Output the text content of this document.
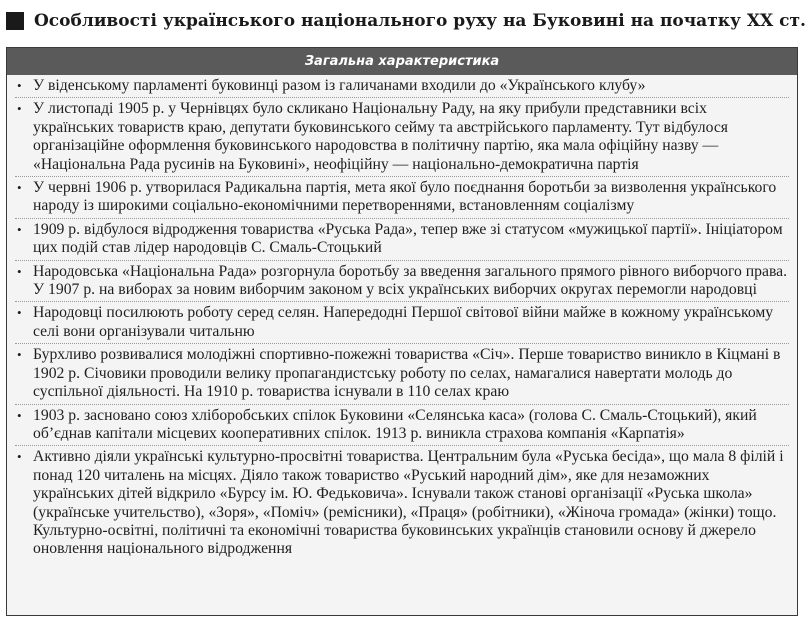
Особливості українського національного руху на Буковині на початку XX ст.
Загальна характеристика
• У віденському парламенті буковинці разом із галичанами входили до «Українського клубу»
• У листопаді 1905 р. у Чернівцях було скликано Національну Раду, на яку прибули представники всіх українських товариств краю, депутати буковинського сейму та австрійського парламенту. Тут відбулося організаційне оформлення буковинського народовства в політичну партію, яка мала офіційну назву — «Національна Рада русинів на Буковині», неофіційну — національно-демократична партія
• У червні 1906 р. утворилася Радикальна партія, мета якої було поєднання боротьби за визволення українського народу із широкими соціально-економічними перетвореннями, встановленням соціалізму
• 1909 р. відбулося відродження товариства «Руська Рада», тепер вже зі статусом «мужицької партії». Ініціатором цих подій став лідер народовців С. Смаль-Стоцький
• Народовська «Національна Рада» розгорнула боротьбу за введення загального прямого рівного виборчого права. У 1907 р. на виборах за новим виборчим законом у всіх українських виборчих округах перемогли народовці
• Народовці посилюють роботу серед селян. Напередодні Першої світової війни майже в кожному українському селі вони організували читальню
• Бурхливо розвивалися молодіжні спортивно-пожежні товариства «Січ». Перше товариство виникло в Кіцмані в 1902 р. Січовики проводили велику пропагандистську роботу по селах, намагалися навертати молодь до суспільної діяльності. На 1910 р. товариства існували в 110 селах краю
• 1903 р. засновано союз хліборобських спілок Буковини «Селянська каса» (голова С. Смаль-Стоцький), який об’єднав капітали місцевих кооперативних спілок. 1913 р. виникла страхова компанія «Карпатія»
• Активно діяли українські культурно-просвітні товариства. Центральним була «Руська бесіда», що мала 8 філій і понад 120 читалень на місцях. Діяло також товариство «Руський народний дім», яке для незаможних українських дітей відкрило «Бурсу ім. Ю. Федьковича». Існували також станові організації «Руська школа» (українське учительство), «Зоря», «Поміч» (ремісники), «Праця» (робітники), «Жіноча громада» (жінки) тощо. Культурно-освітні, політичні та економічні товариства буковинських українців становили основу й джерело оновлення національного відродження
